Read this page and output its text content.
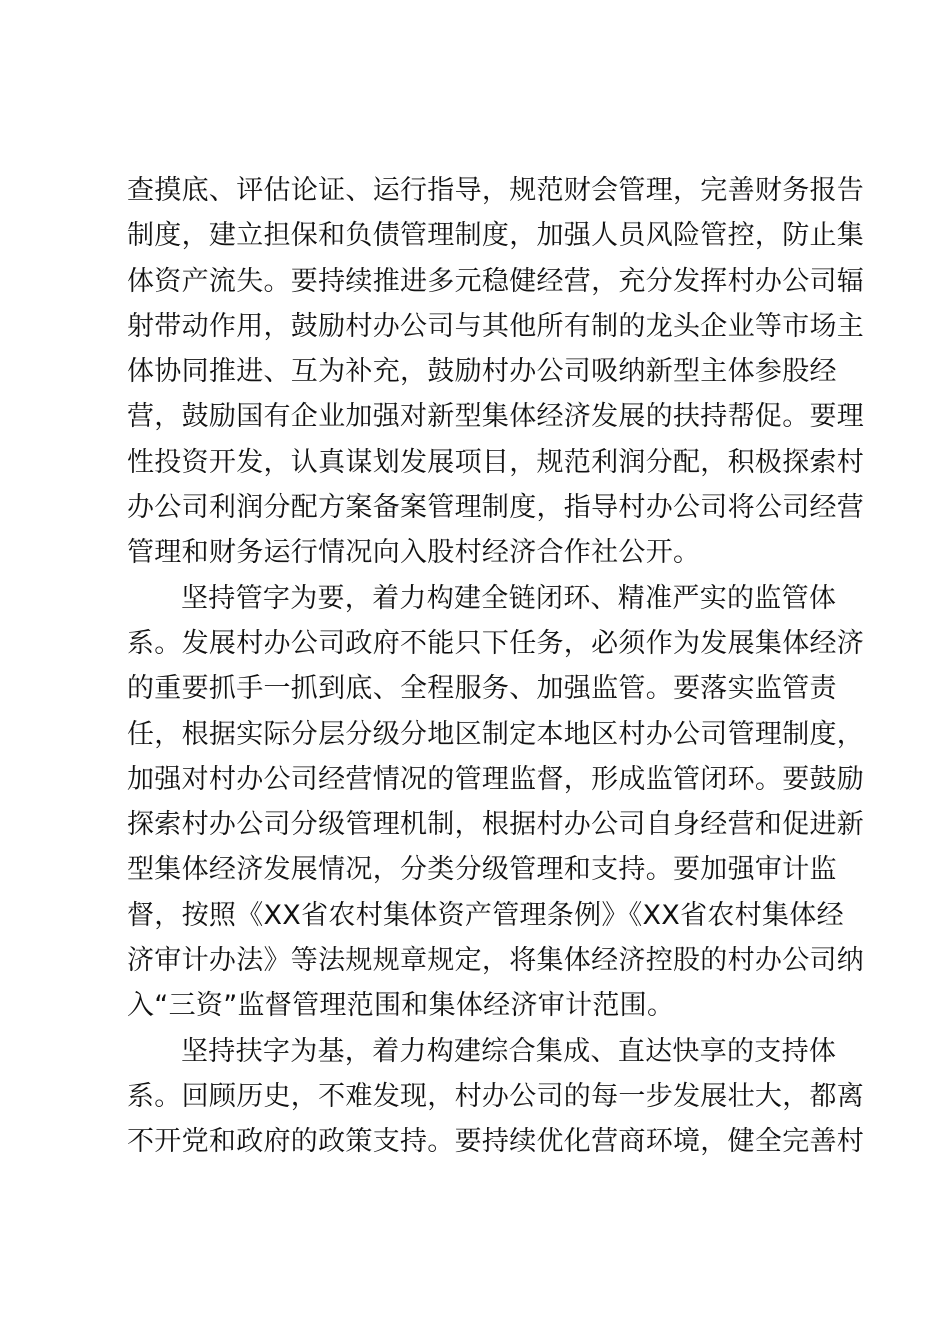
查摸底、评估论证、运行指导，规范财会管理，完善财务报告
制度，建立担保和负债管理制度，加强人员风险管控，防止集
体资产流失。要持续推进多元稳健经营，充分发挥村办公司辐
射带动作用，鼓励村办公司与其他所有制的龙头企业等市场主
体协同推进、互为补充，鼓励村办公司吸纳新型主体参股经
营，鼓励国有企业加强对新型集体经济发展的扶持帮促。要理
性投资开发，认真谋划发展项目，规范利润分配，积极探索村
办公司利润分配方案备案管理制度，指导村办公司将公司经营
管理和财务运行情况向入股村经济合作社公开。
坚持管字为要，着力构建全链闭环、精准严实的监管体
系。发展村办公司政府不能只下任务，必须作为发展集体经济
的重要抓手一抓到底、全程服务、加强监管。要落实监管责
任，根据实际分层分级分地区制定本地区村办公司管理制度，
加强对村办公司经营情况的管理监督，形成监管闭环。要鼓励
探索村办公司分级管理机制，根据村办公司自身经营和促进新
型集体经济发展情况，分类分级管理和支持。要加强审计监
督，按照《XX省农村集体资产管理条例》《XX省农村集体经
济审计办法》等法规规章规定，将集体经济控股的村办公司纳
入“三资”监督管理范围和集体经济审计范围。
坚持扶字为基，着力构建综合集成、直达快享的支持体
系。回顾历史，不难发现，村办公司的每一步发展壮大，都离
不开党和政府的政策支持。要持续优化营商环境，健全完善村
